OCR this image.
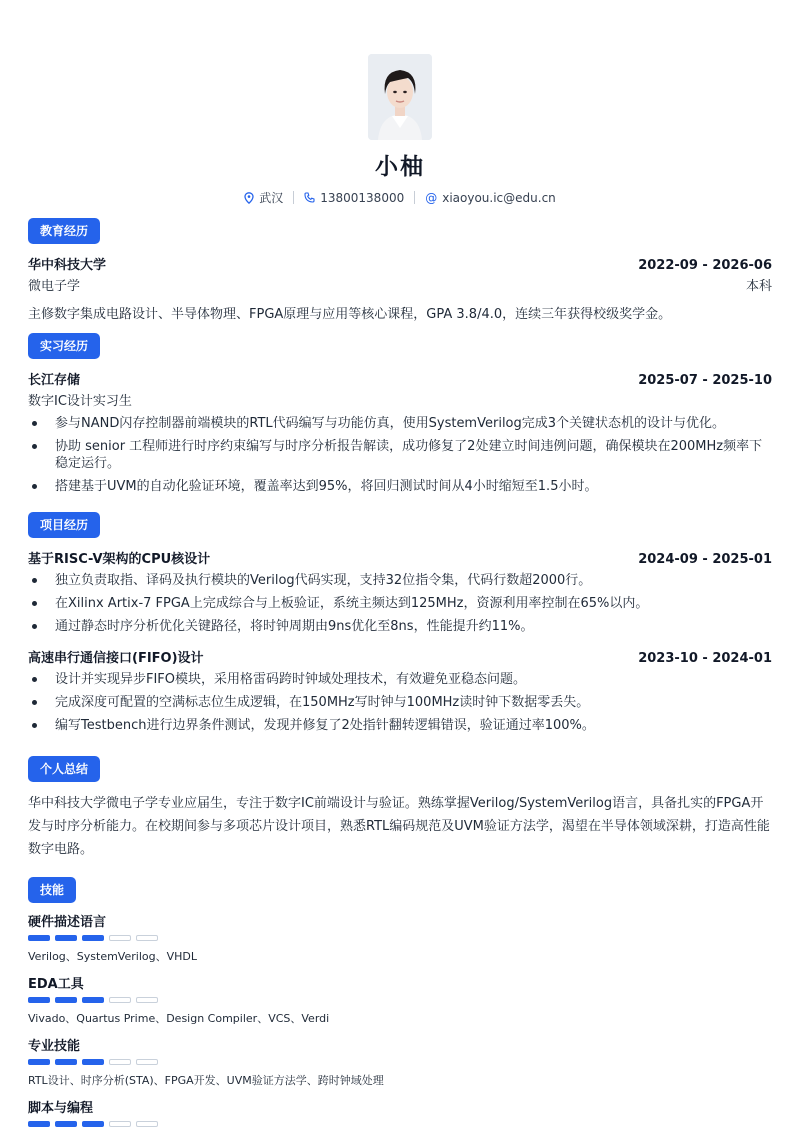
小柚
武汉	13800138000 @ xiaoyou.ic@edu.cn
教育经历
华中科技大学	2022-09 - 2026-06
微电子学	本科
主修数字集成电路设计、半导体物理、FPGA原理与应用等核心课程，GPA 3.8/4.0，连续三年获得校级奖学金。
实习经历
长江存储	2025-07 - 2025-10
数字IC设计实习生
参与NAND闪存控制器前端模块的RTL代码编写与功能仿真，使用SystemVerilog完成3个关键状态机的设计与优化。
协助 senior 工程师进行时序约束编写与时序分析报告解读，成功修复了2处建立时间违例问题，确保模块在200MHz频率下稳定运行。
搭建基于UVM的自动化验证环境，覆盖率达到95%，将回归测试时间从4小时缩短至1.5小时。
项目经历
基于RISC-V架构的CPU核设计	2024-09 - 2025-01
独立负责取指、译码及执行模块的Verilog代码实现，支持32位指令集，代码行数超2000行。
在Xilinx Artix-7 FPGA上完成综合与上板验证，系统主频达到125MHz，资源利用率控制在65%以内。
通过静态时序分析优化关键路径，将时钟周期由9ns优化至8ns，性能提升约11%。
高速串行通信接口(FIFO)设计	2023-10 - 2024-01
设计并实现异步FIFO模块，采用格雷码跨时钟域处理技术，有效避免亚稳态问题。
完成深度可配置的空满标志位生成逻辑，在150MHz写时钟与100MHz读时钟下数据零丢失。
编写Testbench进行边界条件测试，发现并修复了2处指针翻转逻辑错误，验证通过率100%。
个人总结
华中科技大学微电子学专业应届生，专注于数字IC前端设计与验证。熟练掌握Verilog/SystemVerilog语言，具备扎实的FPGA开发与时序分析能力。在校期间参与多项芯片设计项目，熟悉RTL编码规范及UVM验证方法学，渴望在半导体领域深耕，打造高性能数字电路。
技能
硬件描述语言
Verilog、SystemVerilog、VHDL
EDA工具
Vivado、Quartus Prime、Design Compiler、VCS、Verdi
专业技能
RTL设计、时序分析(STA)、FPGA开发、UVM验证方法学、跨时钟域处理
脚本与编程
